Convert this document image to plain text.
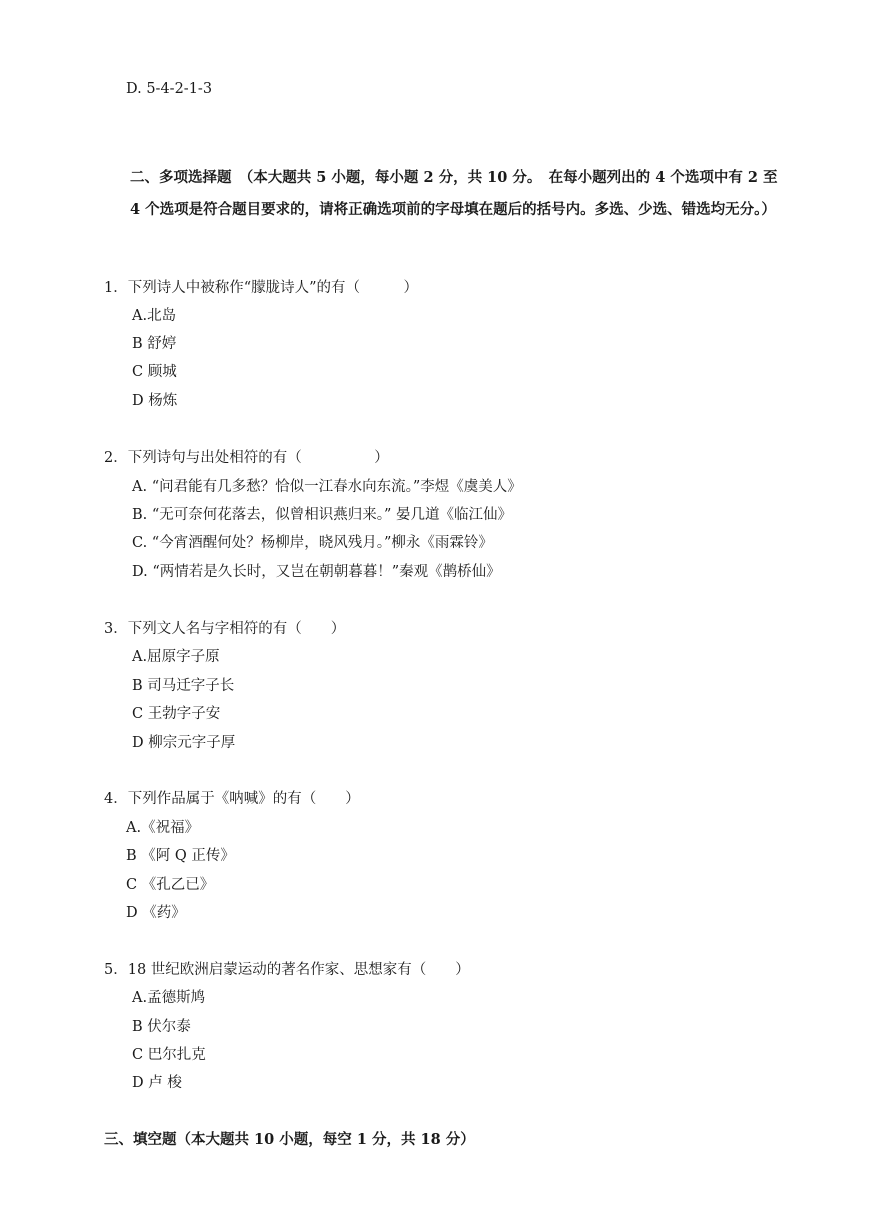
D. 5-4-2-1-3
二、多项选择题　（本大题共 5 小题，每小题 2 分，共 10 分。　在每小题列出的 4 个选项中有 2 至 4 个选项是符合题目要求的，请将正确选项前的字母填在题后的括号内。多选、少选、错选均无分。）
1．下列诗人中被称作“朦胧诗人”的有（　　　）
A.北岛
B 舒婷
C 顾城
D 杨炼
2．下列诗句与出处相符的有（　　　　　）
A. “问君能有几多愁？恰似一江春水向东流。”李煜《虞美人》
B. “无可奈何花落去，似曾相识燕归来。” 晏几道《临江仙》
C. “今宵酒醒何处？杨柳岸，晓风残月。”柳永《雨霖铃》
D. “两情若是久长时，又岂在朝朝暮暮！”秦观《鹊桥仙》
3．下列文人名与字相符的有（　　）
A.屈原字子原
B 司马迁字子长
C 王勃字子安
D 柳宗元字子厚
4．下列作品属于《呐喊》的有（　　）
A.《祝福》
B 《阿 Q 正传》
C 《孔乙已》
D 《药》
5．18 世纪欧洲启蒙运动的著名作家、思想家有（　　）
A.孟德斯鸠
B 伏尔泰
C 巴尔扎克
D 卢 梭
三、填空题（本大题共 10 小题，每空 1 分，共 18 分）
